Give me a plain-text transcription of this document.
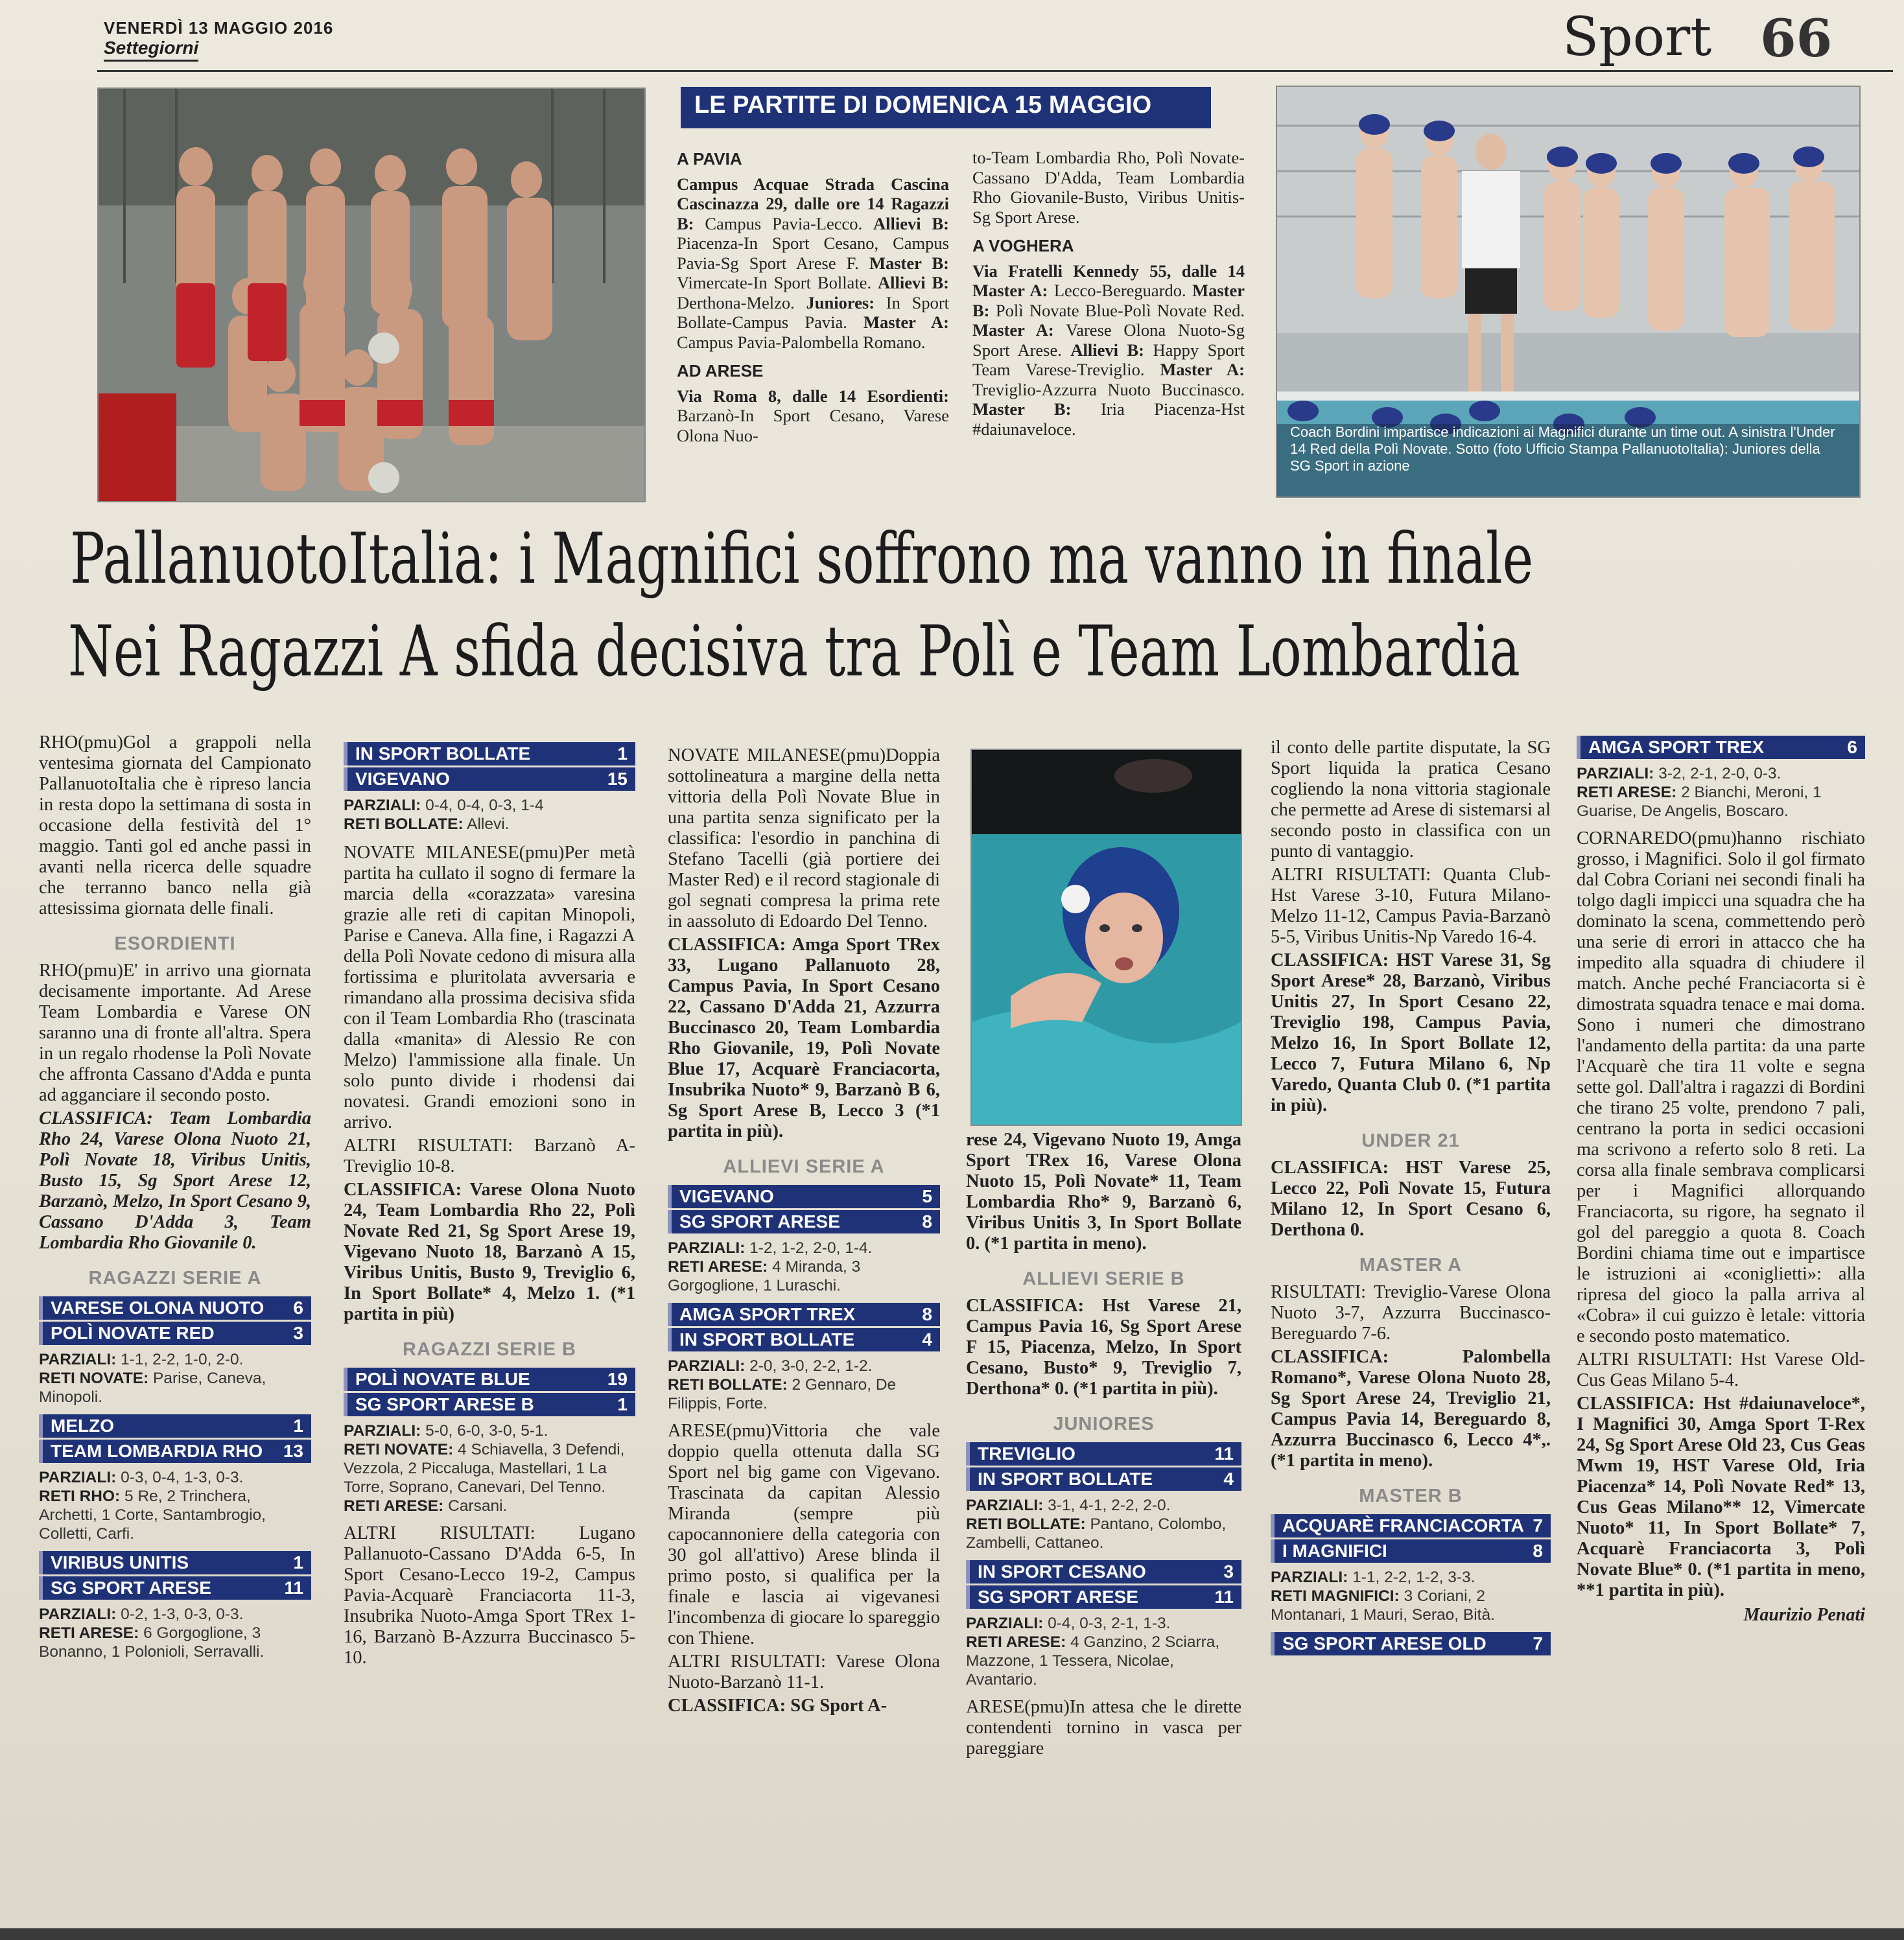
VENERDÌ 13 MAGGIO 2016
Settegiorni	Sport 66
LE PARTITE DI DOMENICA 15 MAGGIO
A PAVIA

Campus Acquae Strada Cascina Cascinazza 29, dalle ore 14 Ragazzi B: Campus Pavia-Lecco. Allievi B: Piacenza-In Sport Cesano, Campus Pavia-Sg Sport Arese F. Master B: Vimercate-In Sport Bollate. Allievi B: Derthona-Melzo. Juniores: In Sport Bollate-Campus Pavia. Master A: Campus Pavia-Palombella Romano.

AD ARESE

Via Roma 8, dalle 14 Esordienti: Barzanò-In Sport Cesano, Varese Olona Nuo-

to-Team Lombardia Rho, Polì Novate-Cassano D'Adda, Team Lombardia Rho Giovanile-Busto, Viribus Unitis-Sg Sport Arese.

A VOGHERA

Via Fratelli Kennedy 55, dalle 14 Master A: Lecco-Bereguardo. Master B: Polì Novate Blue-Polì Novate Red. Master A: Varese Olona Nuoto-Sg Sport Arese. Allievi B: Happy Sport Team Varese-Treviglio. Master A: Treviglio-Azzurra Nuoto Buccinasco. Master B: Iria Piacenza-Hst #daiunaveloce.	Coach Bordini impartisce indicazioni ai Magnifici durante un time out. A sinistra l'Under 14 Red della Polì Novate. Sotto (foto Ufficio Stampa PallanuotoItalia): Juniores della SG Sport in azione
PallanuotoItalia: i Magnifici soffrono ma vanno in finale
Nei Ragazzi A sfida decisiva tra Polì e Team Lombardia

RHO(pmu)Gol a grappoli nella ventesima giornata del Campionato PallanuotoItalia che è ripreso lancia in resta dopo la settimana di sosta in occasione della festività del 1° maggio. Tanti gol ed anche passi in avanti nella ricerca delle squadre che terranno banco nella già attesissima giornata delle finali.

ESORDIENTI

RHO(pmu)E' in arrivo una giornata decisamente importante. Ad Arese Team Lombardia e Varese ON saranno una di fronte all'altra. Spera in un regalo rhodense la Polì Novate che affronta Cassano d'Adda e punta ad agganciare il secondo posto.

CLASSIFICA: Team Lombardia Rho 24, Varese Olona Nuoto 21, Polì Novate 18, Viribus Unitis, Busto 15, Sg Sport Arese 12, Barzanò, Melzo, In Sport Cesano 9, Cassano D'Adda 3, Team Lombardia Rho Giovanile 0.

RAGAZZI SERIE A
VARESE OLONA NUOTO 6
POLÌ NOVATE RED	3
PARZIALI: 1-1, 2-2, 1-0, 2-0.
RETI NOVATE: Parise, Caneva, Minopoli.
MELZO	1
TEAM LOMBARDIA RHO 13
PARZIALI: 0-3, 0-4, 1-3, 0-3.
RETI RHO: 5 Re, 2 Trinchera, Archetti, 1 Corte, Santambrogio, Colletti, Carfi.
VIRIBUS UNITIS	1
SG SPORT ARESE	11
PARZIALI: 0-2, 1-3, 0-3, 0-3.
RETI ARESE: 6 Gorgoglione, 3 Bonanno, 1 Polonioli, Serravalli.
IN SPORT BOLLATE	1
VIGEVANO	15
PARZIALI: 0-4, 0-4, 0-3, 1-4
RETI BOLLATE: Allevi.

NOVATE MILANESE(pmu)Per metà partita ha cullato il sogno di fermare la marcia della «corazzata» varesina grazie alle reti di capitan Minopoli, Parise e Caneva. Alla fine, i Ragazzi A della Polì Novate cedono di misura alla fortissima e pluritolata avversaria e rimandano alla prossima decisiva sfida con il Team Lombardia Rho (trascinata dalla «manita» di Alessio Re con Melzo) l'ammissione alla finale. Un solo punto divide i rhodensi dai novatesi. Grandi emozioni sono in arrivo.

ALTRI RISULTATI: Barzanò A-Treviglio 10-8.

CLASSIFICA: Varese Olona Nuoto 24, Team Lombardia Rho 22, Polì Novate Red 21, Sg Sport Arese 19, Vigevano Nuoto 18, Barzanò A 15, Viribus Unitis, Busto 9, Treviglio 6, In Sport Bollate* 4, Melzo 1. (*1 partita in più)

RAGAZZI SERIE B
POLÌ NOVATE BLUE	19
SG SPORT ARESE B	1
PARZIALI: 5-0, 6-0, 3-0, 5-1.
RETI NOVATE: 4 Schiavella, 3 Defendi, Vezzola, 2 Piccaluga, Mastellari, 1 La Torre, Soprano, Canevari, Del Tenno.
RETI ARESE: Carsani.

ALTRI RISULTATI: Lugano Pallanuoto-Cassano D'Adda 6-5, In Sport Cesano-Lecco 19-2, Campus Pavia-Acquarè Franciacorta 11-3, Insubrika Nuoto-Amga Sport TRex 1-16, Barzanò B-Azzurra Buccinasco 5-10.

NOVATE MILANESE(pmu)Doppia sottolineatura a margine della netta vittoria della Polì Novate Blue in una partita senza significato per la classifica: l'esordio in panchina di Stefano Tacelli (già portiere dei Master Red) e il record stagionale di gol segnati compresa la prima rete in aassoluto di Edoardo Del Tenno.

CLASSIFICA: Amga Sport TRex 33, Lugano Pallanuoto 28, Campus Pavia, In Sport Cesano 22, Cassano D'Adda 21, Azzurra Buccinasco 20, Team Lombardia Rho Giovanile, 19, Polì Novate Blue 17, Acquarè Franciacorta, Insubrika Nuoto* 9, Barzanò B 6, Sg Sport Arese B, Lecco 3 (*1 partita in più).

ALLIEVI SERIE A
VIGEVANO	5
SG SPORT ARESE	8
PARZIALI: 1-2, 1-2, 2-0, 1-4.
RETI ARESE: 4 Miranda, 3 Gorgoglione, 1 Luraschi.
AMGA SPORT TREX	8
IN SPORT BOLLATE	4
PARZIALI: 2-0, 3-0, 2-2, 1-2.
RETI BOLLATE: 2 Gennaro, De Filippis, Forte.

ARESE(pmu)Vittoria che vale doppio quella ottenuta dalla SG Sport nel big game con Vigevano. Trascinata da capitan Alessio Miranda (sempre più capocannoniere della categoria con 30 gol all'attivo) Arese blinda il primo posto, si qualifica per la finale e lascia ai vigevanesi l'incombenza di giocare lo spareggio con Thiene.

ALTRI RISULTATI: Varese Olona Nuoto-Barzanò 11-1.

CLASSIFICA: SG Sport A-

rese 24, Vigevano Nuoto 19, Amga Sport TRex 16, Varese Olona Nuoto 15, Polì Novate* 11, Team Lombardia Rho* 9, Barzanò 6, Viribus Unitis 3, In Sport Bollate 0. (*1 partita in meno).

ALLIEVI SERIE B

CLASSIFICA: Hst Varese 21, Campus Pavia 16, Sg Sport Arese F 15, Piacenza, Melzo, In Sport Cesano, Busto* 9, Treviglio 7, Derthona* 0. (*1 partita in più).

JUNIORES
TREVIGLIO	11
IN SPORT BOLLATE	4
PARZIALI: 3-1, 4-1, 2-2, 2-0.
RETI BOLLATE: Pantano, Colombo, Zambelli, Cattaneo.
IN SPORT CESANO	3
SG SPORT ARESE	11
PARZIALI: 0-4, 0-3, 2-1, 1-3.
RETI ARESE: 4 Ganzino, 2 Sciarra, Mazzone, 1 Tessera, Nicolae, Avantario.

ARESE(pmu)In attesa che le dirette contendenti tornino in vasca per pareggiare

il conto delle partite disputate, la SG Sport liquida la pratica Cesano cogliendo la nona vittoria stagionale che permette ad Arese di sistemarsi al secondo posto in classifica con un punto di vantaggio.

ALTRI RISULTATI: Quanta Club-Hst Varese 3-10, Futura Milano-Melzo 11-12, Campus Pavia-Barzanò 5-5, Viribus Unitis-Np Varedo 16-4.

CLASSIFICA: HST Varese 31, Sg Sport Arese* 28, Barzanò, Viribus Unitis 27, In Sport Cesano 22, Treviglio 198, Campus Pavia, Melzo 16, In Sport Bollate 12, Lecco 7, Futura Milano 6, Np Varedo, Quanta Club 0. (*1 partita in più).

UNDER 21

CLASSIFICA: HST Varese 25, Lecco 22, Polì Novate 15, Futura Milano 12, In Sport Cesano 6, Derthona 0.

MASTER A

RISULTATI: Treviglio-Varese Olona Nuoto 3-7, Azzurra Buccinasco-Bereguardo 7-6.

CLASSIFICA: Palombella Romano*, Varese Olona Nuoto 28, Sg Sport Arese 24, Treviglio 21, Campus Pavia 14, Bereguardo 8, Azzurra Buccinasco 6, Lecco 4*,. (*1 partita in meno).

MASTER B
ACQUARÈ FRANCIACORTA 7
I MAGNIFICI	8
PARZIALI: 1-1, 2-2, 1-2, 3-3.
RETI MAGNIFICI: 3 Coriani, 2 Montanari, 1 Mauri, Serao, Bità.
SG SPORT ARESE OLD	7
AMGA SPORT TREX	6
PARZIALI: 3-2, 2-1, 2-0, 0-3.
RETI ARESE: 2 Bianchi, Meroni, 1 Guarise, De Angelis, Boscaro.

CORNAREDO(pmu)hanno rischiato grosso, i Magnifici. Solo il gol firmato dal Cobra Coriani nei secondi finali ha tolgo dagli impicci una squadra che ha dominato la scena, commettendo però una serie di errori in attacco che ha impedito alla squadra di chiudere il match. Anche peché Franciacorta si è dimostrata squadra tenace e mai doma. Sono i numeri che dimostrano l'andamento della partita: da una parte l'Acquarè che tira 11 volte e segna sette gol. Dall'altra i ragazzi di Bordini che tirano 25 volte, prendono 7 pali, centrano la porta in sedici occasioni ma scrivono a referto solo 8 reti. La corsa alla finale sembrava complicarsi per i Magnifici allorquando Franciacorta, su rigore, ha segnato il gol del pareggio a quota 8. Coach Bordini chiama time out e impartisce le istruzioni ai «coniglietti»: alla ripresa del gioco la palla arriva al «Cobra» il cui guizzo è letale: vittoria e secondo posto matematico.

ALTRI RISULTATI: Hst Varese Old-Cus Geas Milano 5-4.

CLASSIFICA: Hst #daiunaveloce*, I Magnifici 30, Amga Sport T-Rex 24, Sg Sport Arese Old 23, Cus Geas Mwm 19, HST Varese Old, Iria Piacenza* 14, Polì Novate Red* 13, Cus Geas Milano** 12, Vimercate Nuoto* 11, In Sport Bollate* 7, Acquarè Franciacorta 3, Polì Novate Blue* 0. (*1 partita in meno, **1 partita in più).

Maurizio Penati
